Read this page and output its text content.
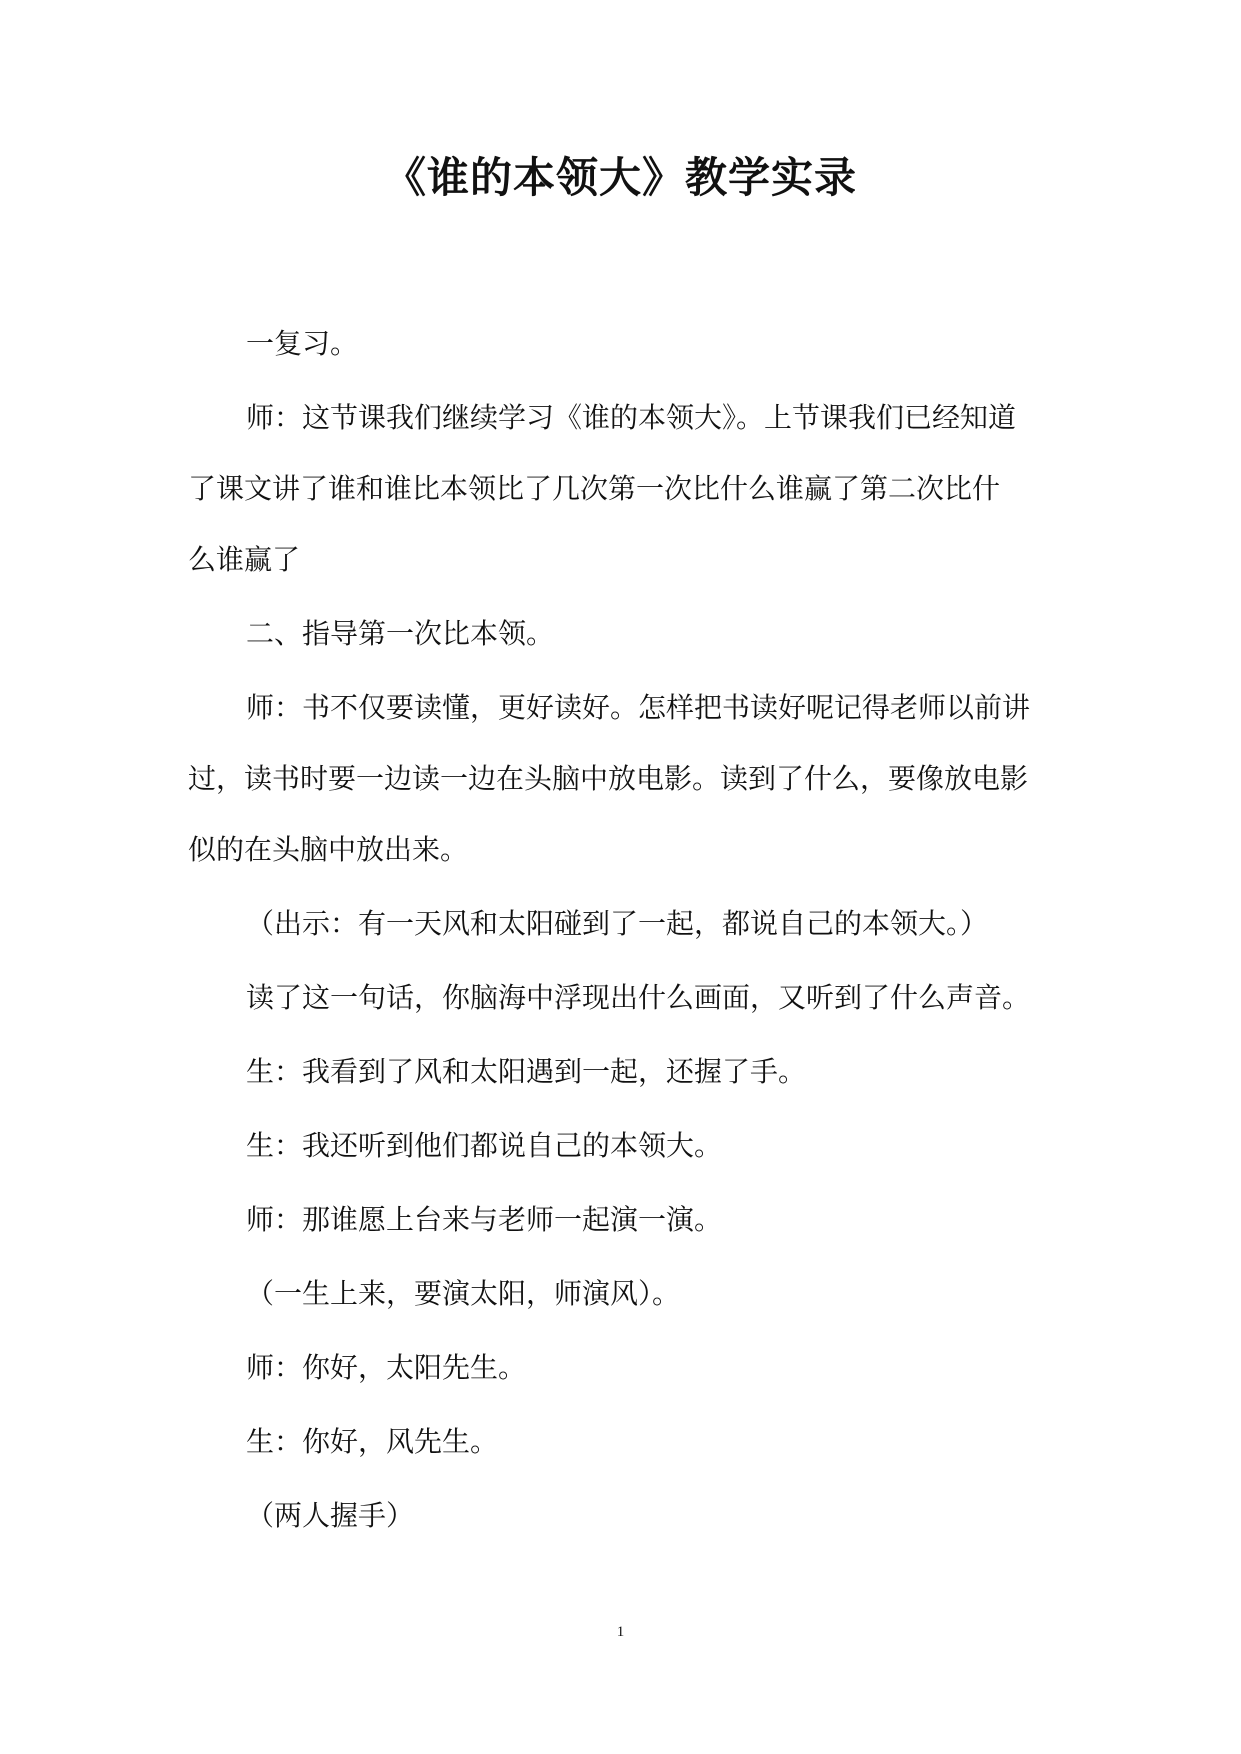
《谁的本领大》教学实录
一复习。
师：这节课我们继续学习《谁的本领大》。上节课我们已经知道
了课文讲了谁和谁比本领比了几次第一次比什么谁赢了第二次比什
么谁赢了
二、指导第一次比本领。
师：书不仅要读懂，更好读好。怎样把书读好呢记得老师以前讲
过，读书时要一边读一边在头脑中放电影。读到了什么，要像放电影
似的在头脑中放出来。
（出示：有一天风和太阳碰到了一起，都说自己的本领大。）
读了这一句话，你脑海中浮现出什么画面，又听到了什么声音。
生：我看到了风和太阳遇到一起，还握了手。
生：我还听到他们都说自己的本领大。
师：那谁愿上台来与老师一起演一演。
（一生上来，要演太阳，师演风）。
师：你好，太阳先生。
生：你好，风先生。
（两人握手）
1
